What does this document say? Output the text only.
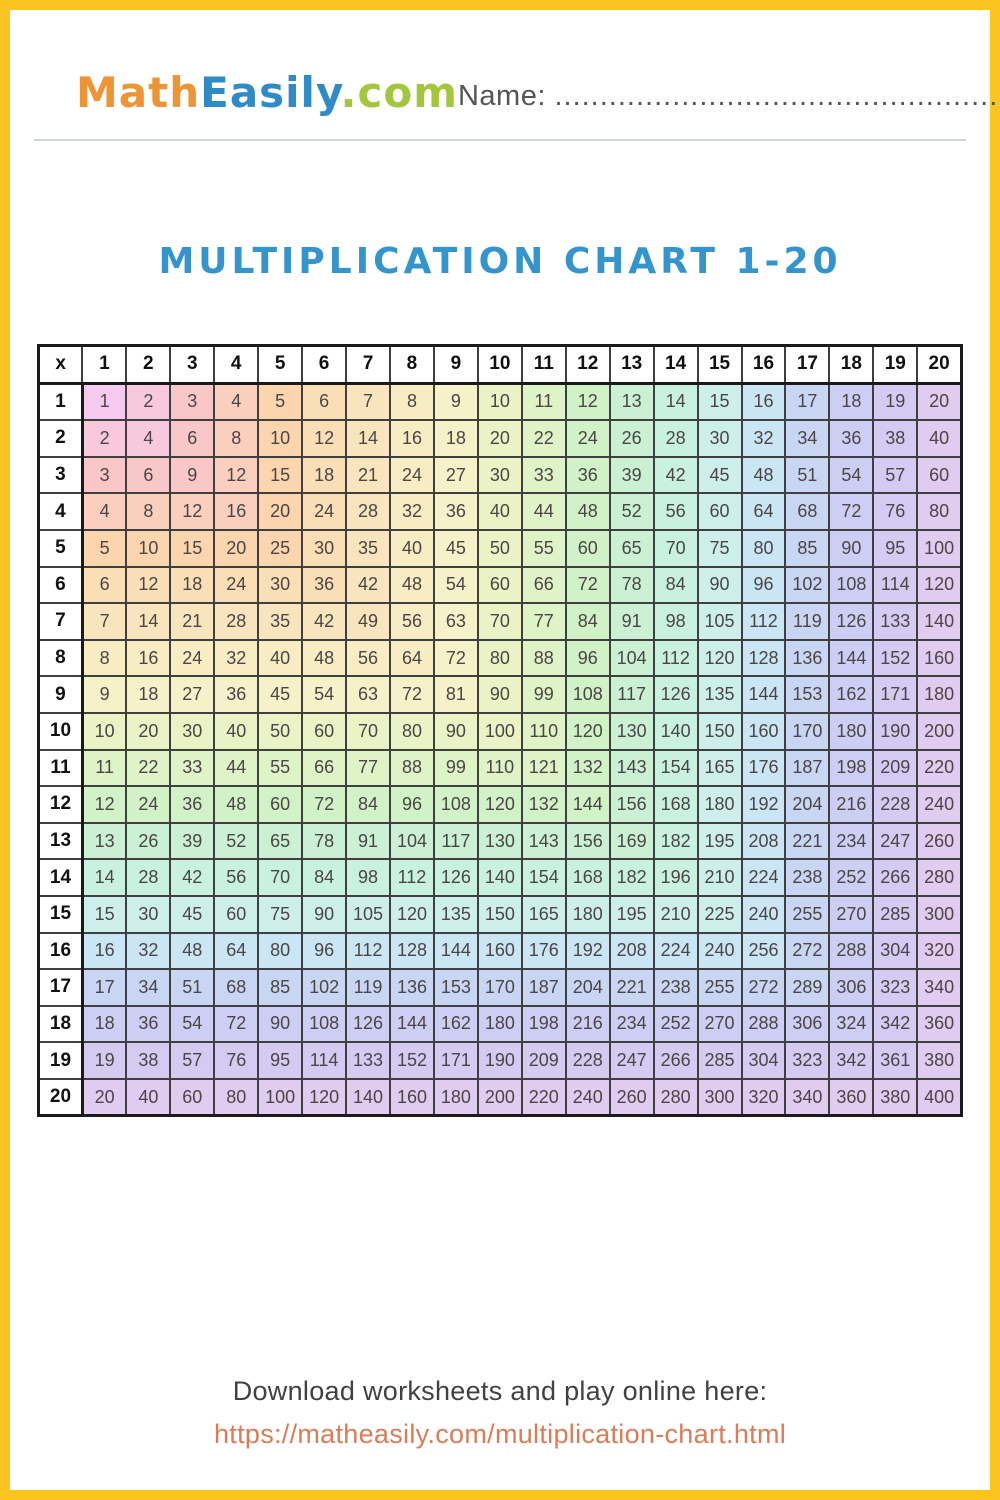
MathEasily.com Name: .................................................
MULTIPLICATION CHART 1-20
x	1	2	3	4	5	6	7	8	9	10	11	12	13	14	15	16	17	18	19	20
1	1	2	3	4	5	6	7	8	9	10	11	12	13	14	15	16	17	18	19	20
2	2	4	6	8	10	12	14	16	18	20	22	24	26	28	30	32	34	36	38	40
3	3	6	9	12	15	18	21	24	27	30	33	36	39	42	45	48	51	54	57	60
4	4	8	12	16	20	24	28	32	36	40	44	48	52	56	60	64	68	72	76	80
5	5	10	15	20	25	30	35	40	45	50	55	60	65	70	75	80	85	90	95	100
6	6	12	18	24	30	36	42	48	54	60	66	72	78	84	90	96	102	108	114	120
7	7	14	21	28	35	42	49	56	63	70	77	84	91	98	105	112	119	126	133	140
8	8	16	24	32	40	48	56	64	72	80	88	96	104	112	120	128	136	144	152	160
9	9	18	27	36	45	54	63	72	81	90	99	108	117	126	135	144	153	162	171	180
10	10	20	30	40	50	60	70	80	90	100	110	120	130	140	150	160	170	180	190	200
11	11	22	33	44	55	66	77	88	99	110	121	132	143	154	165	176	187	198	209	220
12	12	24	36	48	60	72	84	96	108	120	132	144	156	168	180	192	204	216	228	240
13	13	26	39	52	65	78	91	104	117	130	143	156	169	182	195	208	221	234	247	260
14	14	28	42	56	70	84	98	112	126	140	154	168	182	196	210	224	238	252	266	280
15	15	30	45	60	75	90	105	120	135	150	165	180	195	210	225	240	255	270	285	300
16	16	32	48	64	80	96	112	128	144	160	176	192	208	224	240	256	272	288	304	320
17	17	34	51	68	85	102	119	136	153	170	187	204	221	238	255	272	289	306	323	340
18	18	36	54	72	90	108	126	144	162	180	198	216	234	252	270	288	306	324	342	360
19	19	38	57	76	95	114	133	152	171	190	209	228	247	266	285	304	323	342	361	380
20	20	40	60	80	100	120	140	160	180	200	220	240	260	280	300	320	340	360	380	400
Download worksheets and play online here:
https://matheasily.com/multiplication-chart.html
